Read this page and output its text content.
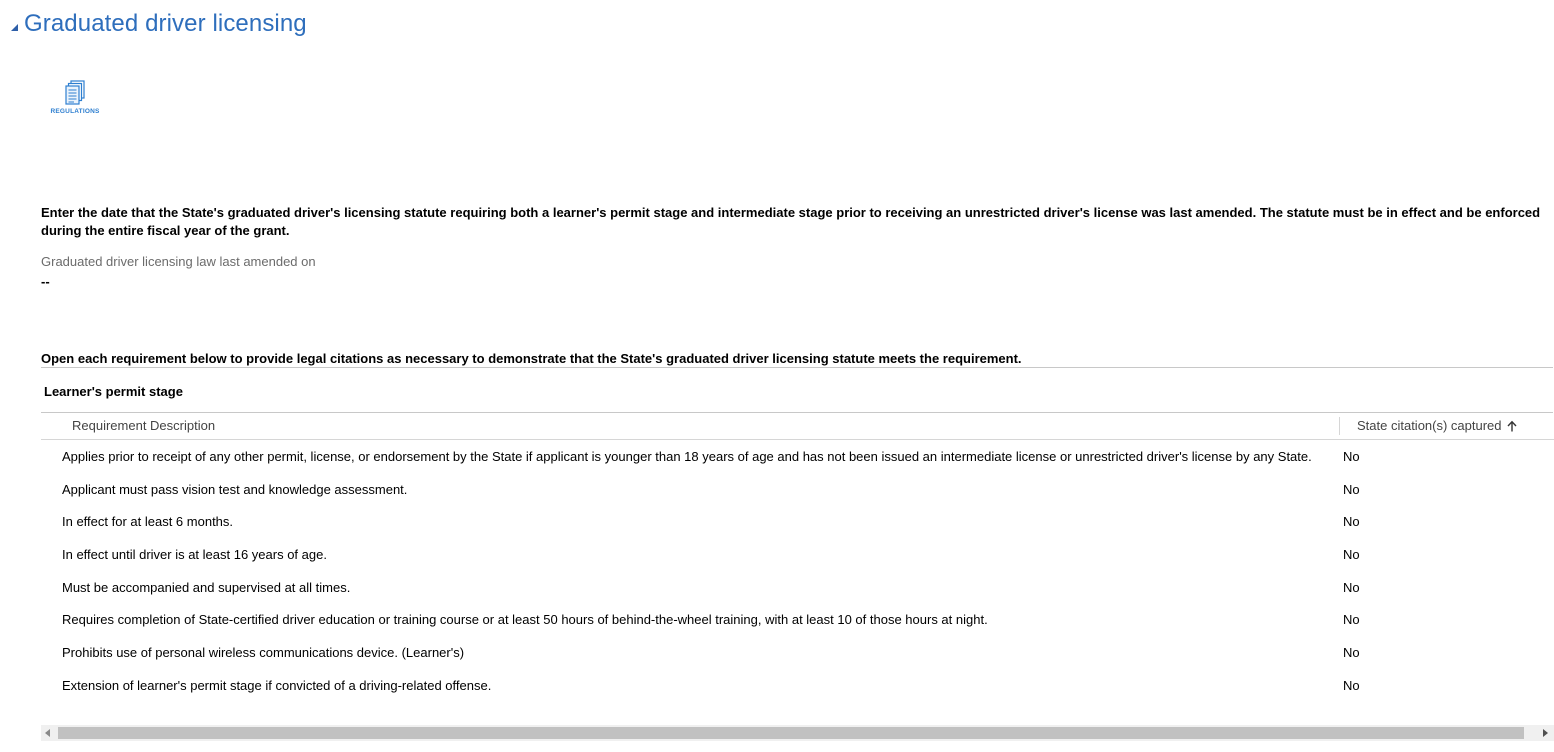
Graduated driver licensing
REGULATIONS
Enter the date that the State's graduated driver's licensing statute requiring both a learner's permit stage and intermediate stage prior to receiving an unrestricted driver's license was last amended. The statute must be in effect and be enforced during the entire fiscal year of the grant.
Graduated driver licensing law last amended on
--
Open each requirement below to provide legal citations as necessary to demonstrate that the State's graduated driver licensing statute meets the requirement.
Learner's permit stage
Requirement Description	State citation(s) captured
Applies prior to receipt of any other permit, license, or endorsement by the State if applicant is younger than 18 years of age and has not been issued an intermediate license or unrestricted driver's license by any State. No
Applicant must pass vision test and knowledge assessment.	No
In effect for at least 6 months.	No
In effect until driver is at least 16 years of age.	No
Must be accompanied and supervised at all times.	No
Requires completion of State-certified driver education or training course or at least 50 hours of behind-the-wheel training, with at least 10 of those hours at night.	No
Prohibits use of personal wireless communications device. (Learner's)	No
Extension of learner's permit stage if convicted of a driving-related offense.	No
